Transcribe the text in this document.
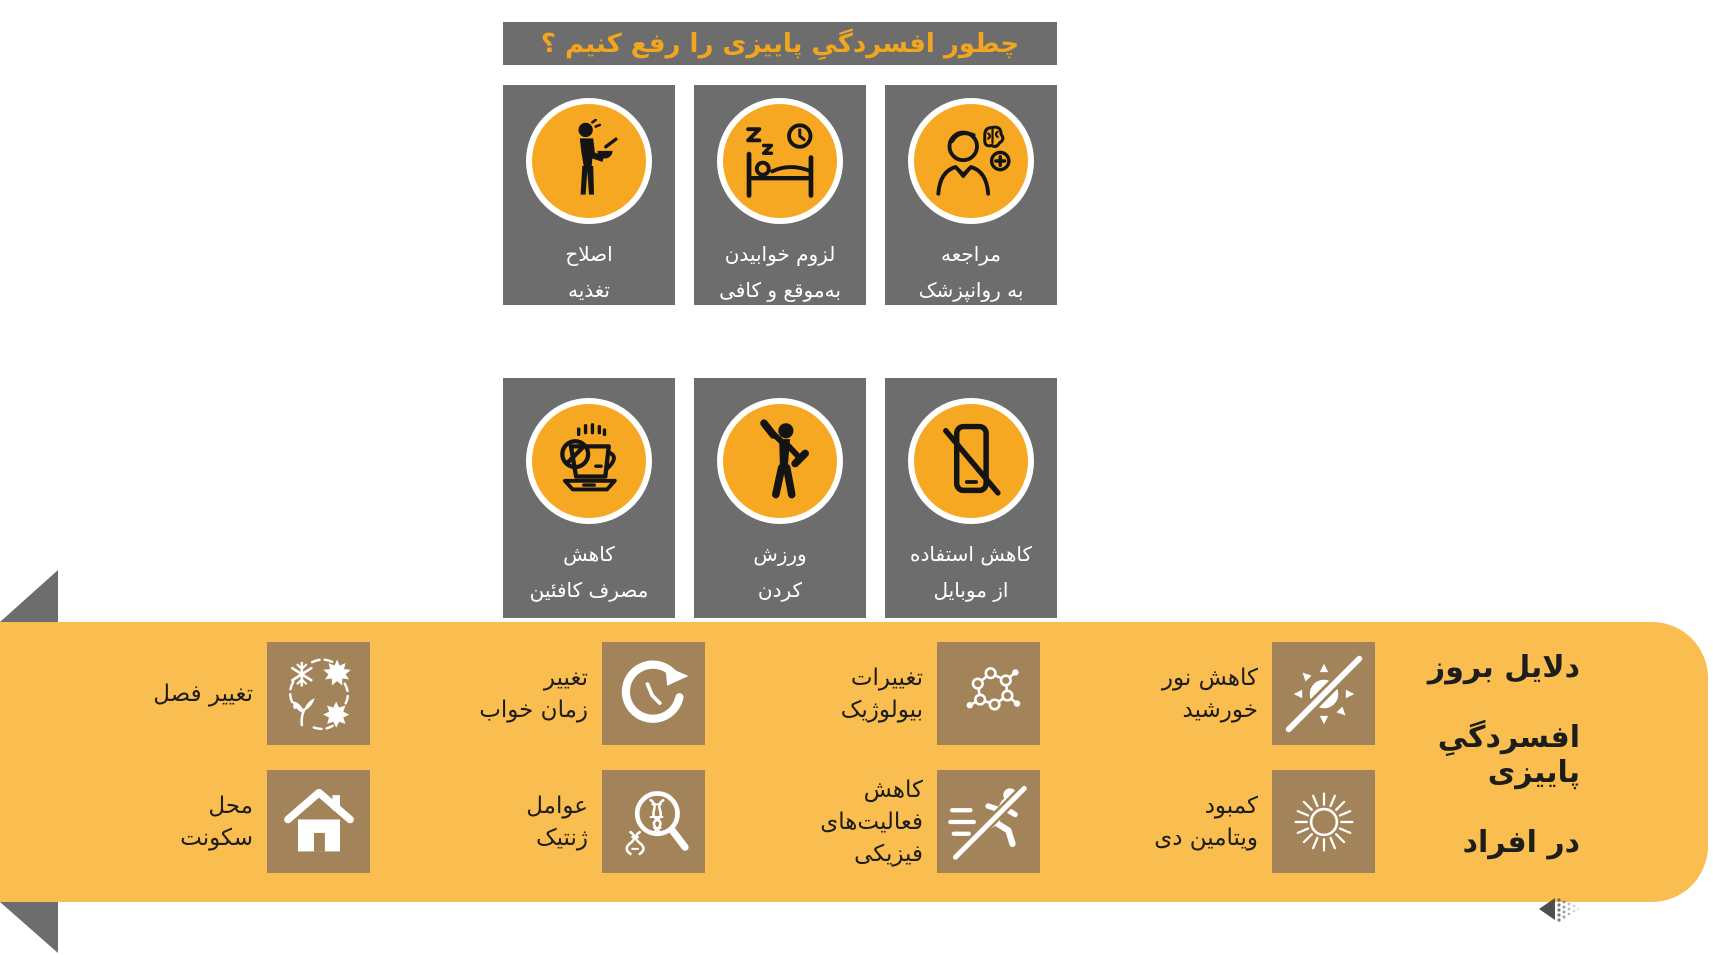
چطور افسردگیِ پاییزی را رفع کنیم ؟
مراجعه
به روانپزشک
لزوم خوابیدن
به‌موقع و کافی
اصلاح
تغذیه
کاهش استفاده
از موبایل
ورزش
کردن
کاهش
مصرف کافئین
دلایل بروز
افسردگیِ پاییزی
در افراد
کاهش نور
خورشید
کمبود
ویتامین دی
تغییرات
بیولوژیک
کاهش
فعالیت‌های
فیزیکی
تغییر
زمان خواب
عوامل
ژنتیک
تغییر فصل
محل
سکونت
